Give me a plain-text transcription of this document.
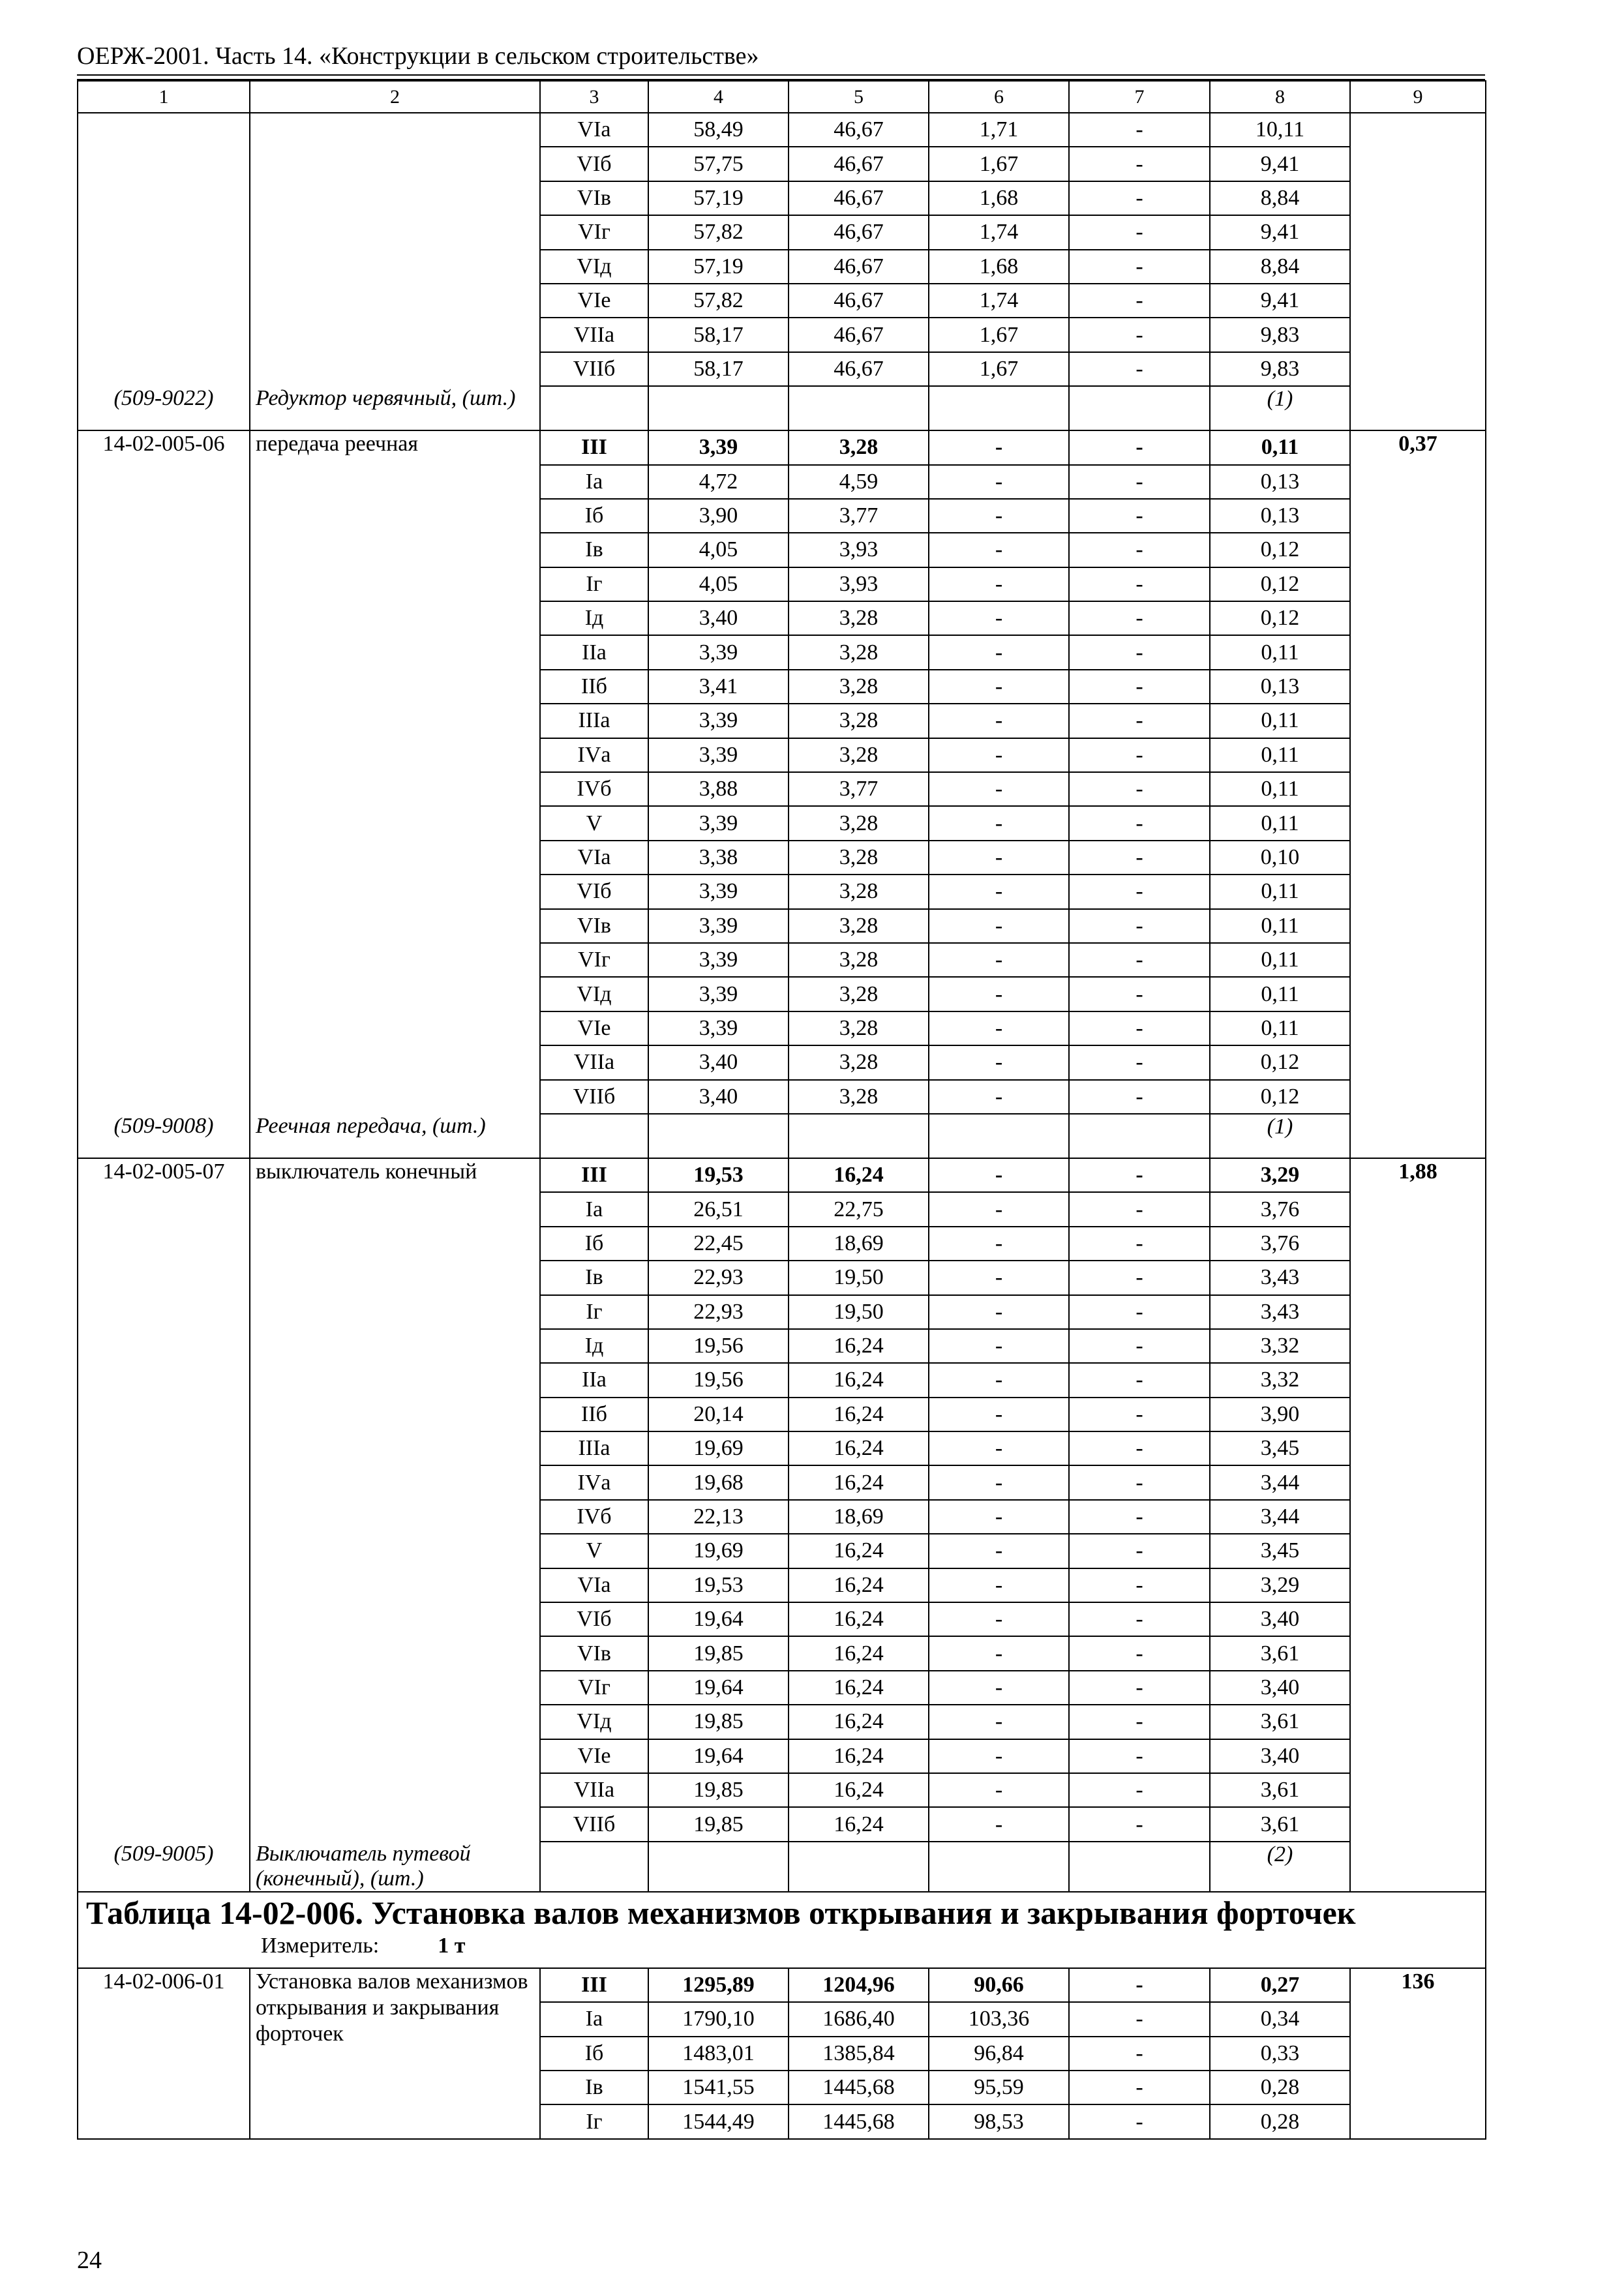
ОЕРЖ-2001. Часть 14. «Конструкции в сельском строительстве»
1	2	3	4	5	6	7	8	9
		VIа	58,49	46,67	1,71	-	10,11	
		VIб	57,75	46,67	1,67	-	9,41	
		VIв	57,19	46,67	1,68	-	8,84	
		VIг	57,82	46,67	1,74	-	9,41	
		VIд	57,19	46,67	1,68	-	8,84	
		VIе	57,82	46,67	1,74	-	9,41	
		VIIа	58,17	46,67	1,67	-	9,83	
		VIIб	58,17	46,67	1,67	-	9,83	
(509-9022)	Редуктор червячный, (шт.)						(1)	
14-02-005-06	передача реечная	III	3,39	3,28	-	-	0,11	0,37
		Iа	4,72	4,59	-	-	0,13	
		Iб	3,90	3,77	-	-	0,13	
		Iв	4,05	3,93	-	-	0,12	
		Iг	4,05	3,93	-	-	0,12	
		Iд	3,40	3,28	-	-	0,12	
		IIа	3,39	3,28	-	-	0,11	
		IIб	3,41	3,28	-	-	0,13	
		IIIа	3,39	3,28	-	-	0,11	
		IVа	3,39	3,28	-	-	0,11	
		IVб	3,88	3,77	-	-	0,11	
		V	3,39	3,28	-	-	0,11	
		VIа	3,38	3,28	-	-	0,10	
		VIб	3,39	3,28	-	-	0,11	
		VIв	3,39	3,28	-	-	0,11	
		VIг	3,39	3,28	-	-	0,11	
		VIд	3,39	3,28	-	-	0,11	
		VIе	3,39	3,28	-	-	0,11	
		VIIа	3,40	3,28	-	-	0,12	
		VIIб	3,40	3,28	-	-	0,12	
(509-9008)	Реечная передача, (шт.)						(1)	
14-02-005-07	выключатель конечный	III	19,53	16,24	-	-	3,29	1,88
		Iа	26,51	22,75	-	-	3,76	
		Iб	22,45	18,69	-	-	3,76	
		Iв	22,93	19,50	-	-	3,43	
		Iг	22,93	19,50	-	-	3,43	
		Iд	19,56	16,24	-	-	3,32	
		IIа	19,56	16,24	-	-	3,32	
		IIб	20,14	16,24	-	-	3,90	
		IIIа	19,69	16,24	-	-	3,45	
		IVа	19,68	16,24	-	-	3,44	
		IVб	22,13	18,69	-	-	3,44	
		V	19,69	16,24	-	-	3,45	
		VIа	19,53	16,24	-	-	3,29	
		VIб	19,64	16,24	-	-	3,40	
		VIв	19,85	16,24	-	-	3,61	
		VIг	19,64	16,24	-	-	3,40	
		VIд	19,85	16,24	-	-	3,61	
		VIе	19,64	16,24	-	-	3,40	
		VIIа	19,85	16,24	-	-	3,61	
		VIIб	19,85	16,24	-	-	3,61	
(509-9005)	Выключатель путевой (конечный), (шт.)						(2)	

Таблица 14-02-006. Установка валов механизмов открывания и закрывания форточек
Измеритель: 1 т								

14-02-006-01	Установка валов механизмов открывания и закрывания форточек	III	1295,89	1204,96	90,66	-	0,27	136
		Iа	1790,10	1686,40	103,36	-	0,34	
		Iб	1483,01	1385,84	96,84	-	0,33	
		Iв	1541,55	1445,68	95,59	-	0,28	
		Iг	1544,49	1445,68	98,53	-	0,28	
24
